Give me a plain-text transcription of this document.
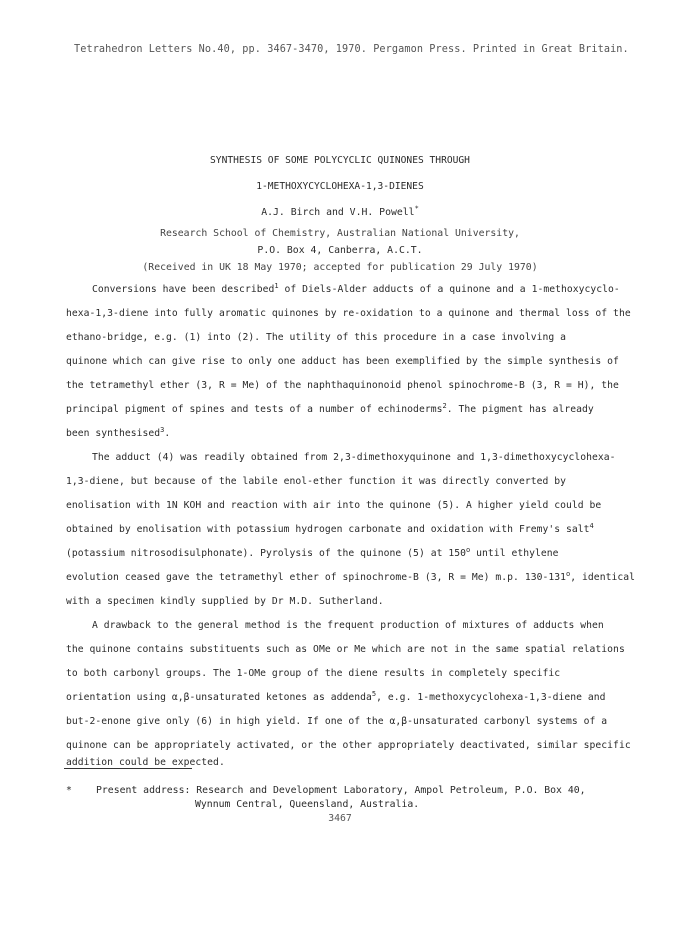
Tetrahedron Letters No.40, pp. 3467-3470, 1970. Pergamon Press. Printed in Great Britain.
SYNTHESIS OF SOME POLYCYCLIC QUINONES THROUGH
1-METHOXYCYCLOHEXA-1,3-DIENES
A.J. Birch and V.H. Powell*
Research School of Chemistry, Australian National University,
P.O. Box 4, Canberra, A.C.T.
(Received in UK 18 May 1970; accepted for publication 29 July 1970)
Conversions have been described$^1$ of Diels-Alder adducts of a quinone and a 1-methoxycyclo-
hexa-1,3-diene into fully aromatic quinones by re-oxidation to a quinone and thermal loss of the
ethano-bridge, e.g. (1) into (2). The utility of this procedure in a case involving a
quinone which can give rise to only one adduct has been exemplified by the simple synthesis of
the tetramethyl ether (3, R = Me) of the naphthaquinonoid phenol spinochrome-B (3, R = H), the
principal pigment of spines and tests of a number of echinoderms$^2$. The pigment has already
been synthesised$^3$.
The adduct (4) was readily obtained from 2,3-dimethoxyquinone and 1,3-dimethoxycyclohexa-
1,3-diene, but because of the labile enol-ether function it was directly converted by
enolisation with 1N KOH and reaction with air into the quinone (5). A higher yield could be
obtained by enolisation with potassium hydrogen carbonate and oxidation with Fremy's salt$^4$
(potassium nitrosodisulphonate). Pyrolysis of the quinone (5) at 150$^o$ until ethylene
evolution ceased gave the tetramethyl ether of spinochrome-B (3, R = Me) m.p. 130-131$^o$, identical
with a specimen kindly supplied by Dr M.D. Sutherland.
A drawback to the general method is the frequent production of mixtures of adducts when
the quinone contains substituents such as OMe or Me which are not in the same spatial relations
to both carbonyl groups. The 1-OMe group of the diene results in completely specific
orientation using α,β-unsaturated ketones as addenda$^5$, e.g. 1-methoxycyclohexa-1,3-diene and
but-2-enone give only (6) in high yield. If one of the α,β-unsaturated carbonyl systems of a
quinone can be appropriately activated, or the other appropriately deactivated, similar specific
* Present address: Research and Development Laboratory, Ampol Petroleum, P.O. Box 40,
Wynnum Central, Queensland, Australia.
3467
addition could be expected.
